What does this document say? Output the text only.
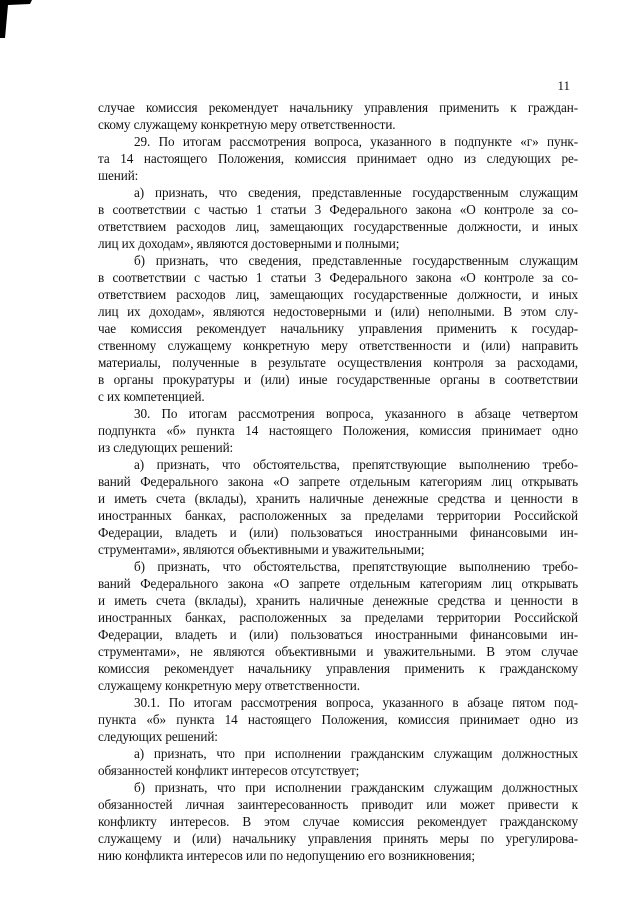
11
случае комиссия рекомендует начальнику управления применить к граждан-
скому служащему конкретную меру ответственности.
29. По итогам рассмотрения вопроса, указанного в подпункте «г» пунк-
та 14 настоящего Положения, комиссия принимает одно из следующих ре-
шений:
а) признать, что сведения, представленные государственным служащим
в соответствии с частью 1 статьи 3 Федерального закона «О контроле за со-
ответствием расходов лиц, замещающих государственные должности, и иных
лиц их доходам», являются достоверными и полными;
б) признать, что сведения, представленные государственным служащим
в соответствии с частью 1 статьи 3 Федерального закона «О контроле за со-
ответствием расходов лиц, замещающих государственные должности, и иных
лиц их доходам», являются недостоверными и (или) неполными. В этом слу-
чае комиссия рекомендует начальнику управления применить к государ-
ственному служащему конкретную меру ответственности и (или) направить
материалы, полученные в результате осуществления контроля за расходами,
в органы прокуратуры и (или) иные государственные органы в соответствии
с их компетенцией.
30. По итогам рассмотрения вопроса, указанного в абзаце четвертом
подпункта «б» пункта 14 настоящего Положения, комиссия принимает одно
из следующих решений:
а) признать, что обстоятельства, препятствующие выполнению требо-
ваний Федерального закона «О запрете отдельным категориям лиц открывать
и иметь счета (вклады), хранить наличные денежные средства и ценности в
иностранных банках, расположенных за пределами территории Российской
Федерации, владеть и (или) пользоваться иностранными финансовыми ин-
струментами», являются объективными и уважительными;
б) признать, что обстоятельства, препятствующие выполнению требо-
ваний Федерального закона «О запрете отдельным категориям лиц открывать
и иметь счета (вклады), хранить наличные денежные средства и ценности в
иностранных банках, расположенных за пределами территории Российской
Федерации, владеть и (или) пользоваться иностранными финансовыми ин-
струментами», не являются объективными и уважительными. В этом случае
комиссия рекомендует начальнику управления применить к гражданскому
служащему конкретную меру ответственности.
30.1. По итогам рассмотрения вопроса, указанного в абзаце пятом под-
пункта «б» пункта 14 настоящего Положения, комиссия принимает одно из
следующих решений:
а) признать, что при исполнении гражданским служащим должностных
обязанностей конфликт интересов отсутствует;
б) признать, что при исполнении гражданским служащим должностных
обязанностей личная заинтересованность приводит или может привести к
конфликту интересов. В этом случае комиссия рекомендует гражданскому
служащему и (или) начальнику управления принять меры по урегулирова-
нию конфликта интересов или по недопущению его возникновения;
